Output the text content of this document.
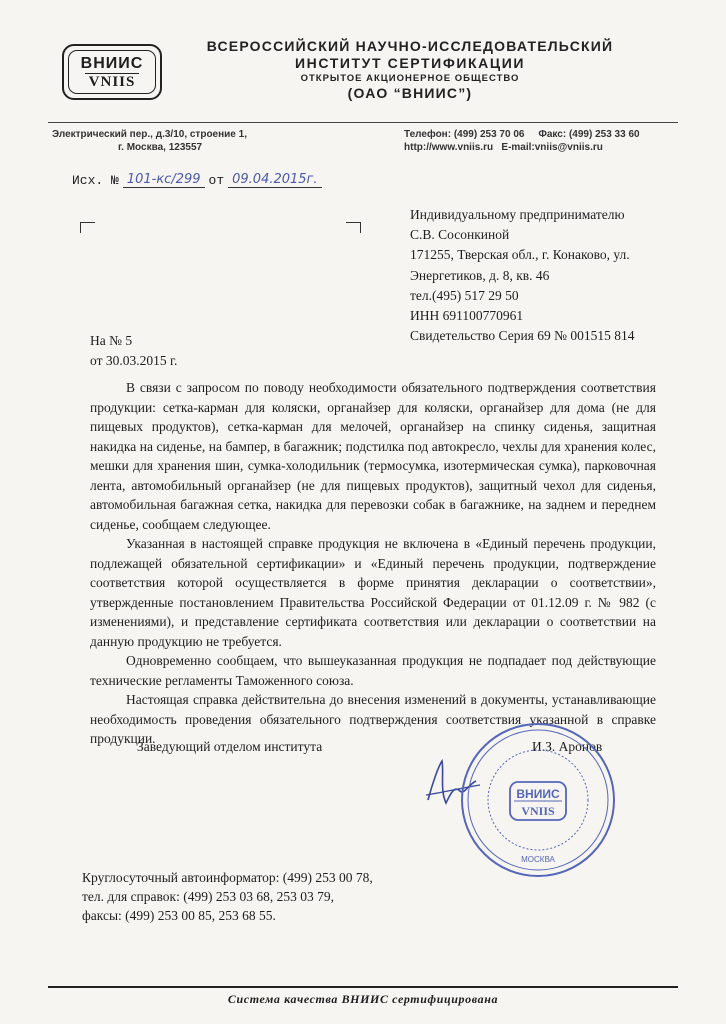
ВНИИС
VNIIS
ВСЕРОССИЙСКИЙ НАУЧНО-ИССЛЕДОВАТЕЛЬСКИЙ
ИНСТИТУТ СЕРТИФИКАЦИИ
ОТКРЫТОЕ АКЦИОНЕРНОЕ ОБЩЕСТВО
(ОАО “ВНИИС”)
Электрический пер., д.3/10, строение 1,
г. Москва, 123557
Телефон: (499) 253 70 06     Факс: (499) 253 33 60
http://www.vniis.ru   E-mail:vniis@vniis.ru
Исх. № 101-кс/299 от 09.04.2015г.
Индивидуальному предпринимателю
С.В. Сосонкиной
171255, Тверская обл., г. Конаково, ул.
Энергетиков, д. 8, кв. 46
тел.(495) 517 29 50
ИНН 691100770961
Свидетельство Серия 69 № 001515 814
На № 5
от 30.03.2015 г.

В связи с запросом по поводу необходимости обязательного подтверждения соответствия продукции: сетка-карман для коляски, органайзер для коляски, органайзер для дома (не для пищевых продуктов), сетка-карман для мелочей, органайзер на спинку сиденья, защитная накидка на сиденье, на бампер, в багажник; подстилка под автокресло, чехлы для хранения колес, мешки для хранения шин, сумка-холодильник (термосумка, изотермическая сумка), парковочная лента, автомобильный органайзер (не для пищевых продуктов), защитный чехол для сиденья, автомобильная багажная сетка, накидка для перевозки собак в багажнике, на заднем и переднем сиденье, сообщаем следующее.

Указанная в настоящей справке продукция не включена в «Единый перечень продукции, подлежащей обязательной сертификации» и «Единый перечень продукции, подтверждение соответствия которой осуществляется в форме принятия декларации о соответствии», утвержденные постановлением Правительства Российской Федерации от 01.12.09 г. № 982 (с изменениями), и представление сертификата соответствия или декларации о соответствии на данную продукцию не требуется.

Одновременно сообщаем, что вышеуказанная продукция не подпадает под действующие технические регламенты Таможенного союза.

Настоящая справка действительна до внесения изменений в документы, устанавливающие необходимость проведения обязательного подтверждения соответствия указанной в справке продукции.

Заведующий отделом института	И.З. Аронов
ВНИИС
VNIIS
МОСКВА
Круглосуточный автоинформатор: (499) 253 00 78,
тел. для справок: (499) 253 03 68, 253 03 79,
факсы: (499) 253 00 85, 253 68 55.
Система качества ВНИИС сертифицирована
